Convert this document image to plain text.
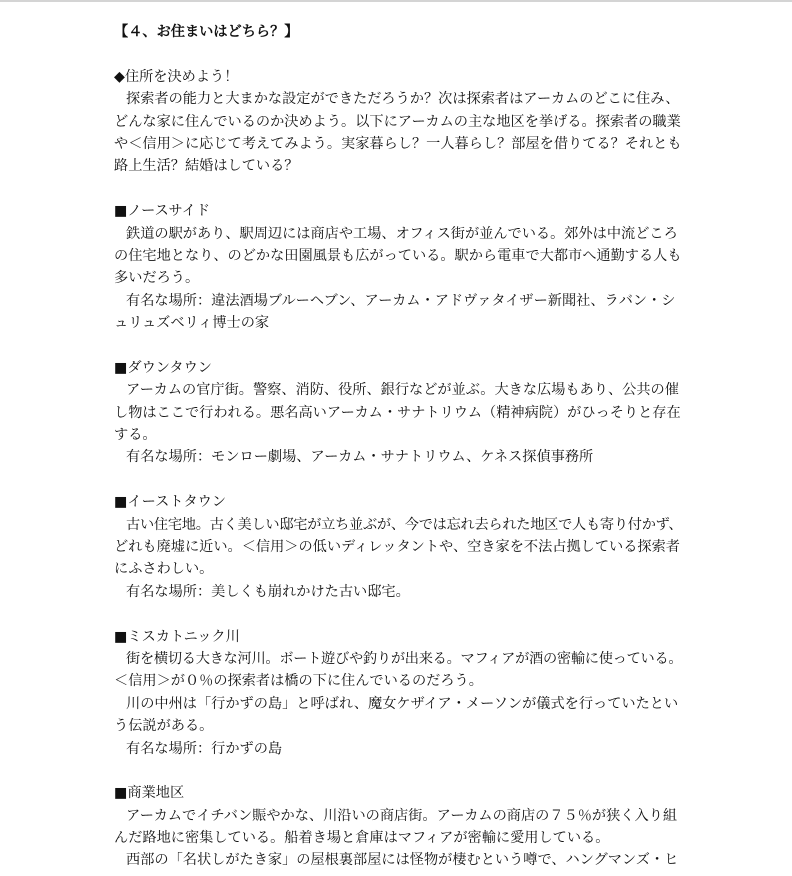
【４、お住まいはどちら？】
◆住所を決めよう！
探索者の能力と大まかな設定ができただろうか？次は探索者はアーカムのどこに住み、
どんな家に住んでいるのか決めよう。以下にアーカムの主な地区を挙げる。探索者の職業
や＜信用＞に応じて考えてみよう。実家暮らし？一人暮らし？部屋を借りてる？それとも
路上生活？結婚はしている？
■ノースサイド
鉄道の駅があり、駅周辺には商店や工場、オフィス街が並んでいる。郊外は中流どころ
の住宅地となり、のどかな田園風景も広がっている。駅から電車で大都市へ通勤する人も
多いだろう。
有名な場所：違法酒場ブルーヘブン、アーカム・アドヴァタイザー新聞社、ラバン・シ
ュリュズベリィ博士の家
■ダウンタウン
アーカムの官庁街。警察、消防、役所、銀行などが並ぶ。大きな広場もあり、公共の催
し物はここで行われる。悪名高いアーカム・サナトリウム（精神病院）がひっそりと存在
する。
有名な場所：モンロー劇場、アーカム・サナトリウム、ケネス探偵事務所
■イーストタウン
古い住宅地。古く美しい邸宅が立ち並ぶが、今では忘れ去られた地区で人も寄り付かず、
どれも廃墟に近い。＜信用＞の低いディレッタントや、空き家を不法占拠している探索者
にふさわしい。
有名な場所：美しくも崩れかけた古い邸宅。
■ミスカトニック川
街を横切る大きな河川。ボート遊びや釣りが出来る。マフィアが酒の密輸に使っている。
＜信用＞が０％の探索者は橋の下に住んでいるのだろう。
川の中州は「行かずの島」と呼ばれ、魔女ケザイア・メーソンが儀式を行っていたとい
う伝説がある。
有名な場所：行かずの島
■商業地区
アーカムでイチバン賑やかな、川沿いの商店街。アーカムの商店の７５％が狭く入り組
んだ路地に密集している。船着き場と倉庫はマフィアが密輸に愛用している。
西部の「名状しがたき家」の屋根裏部屋には怪物が棲むという噂で、ハングマンズ・ヒ
